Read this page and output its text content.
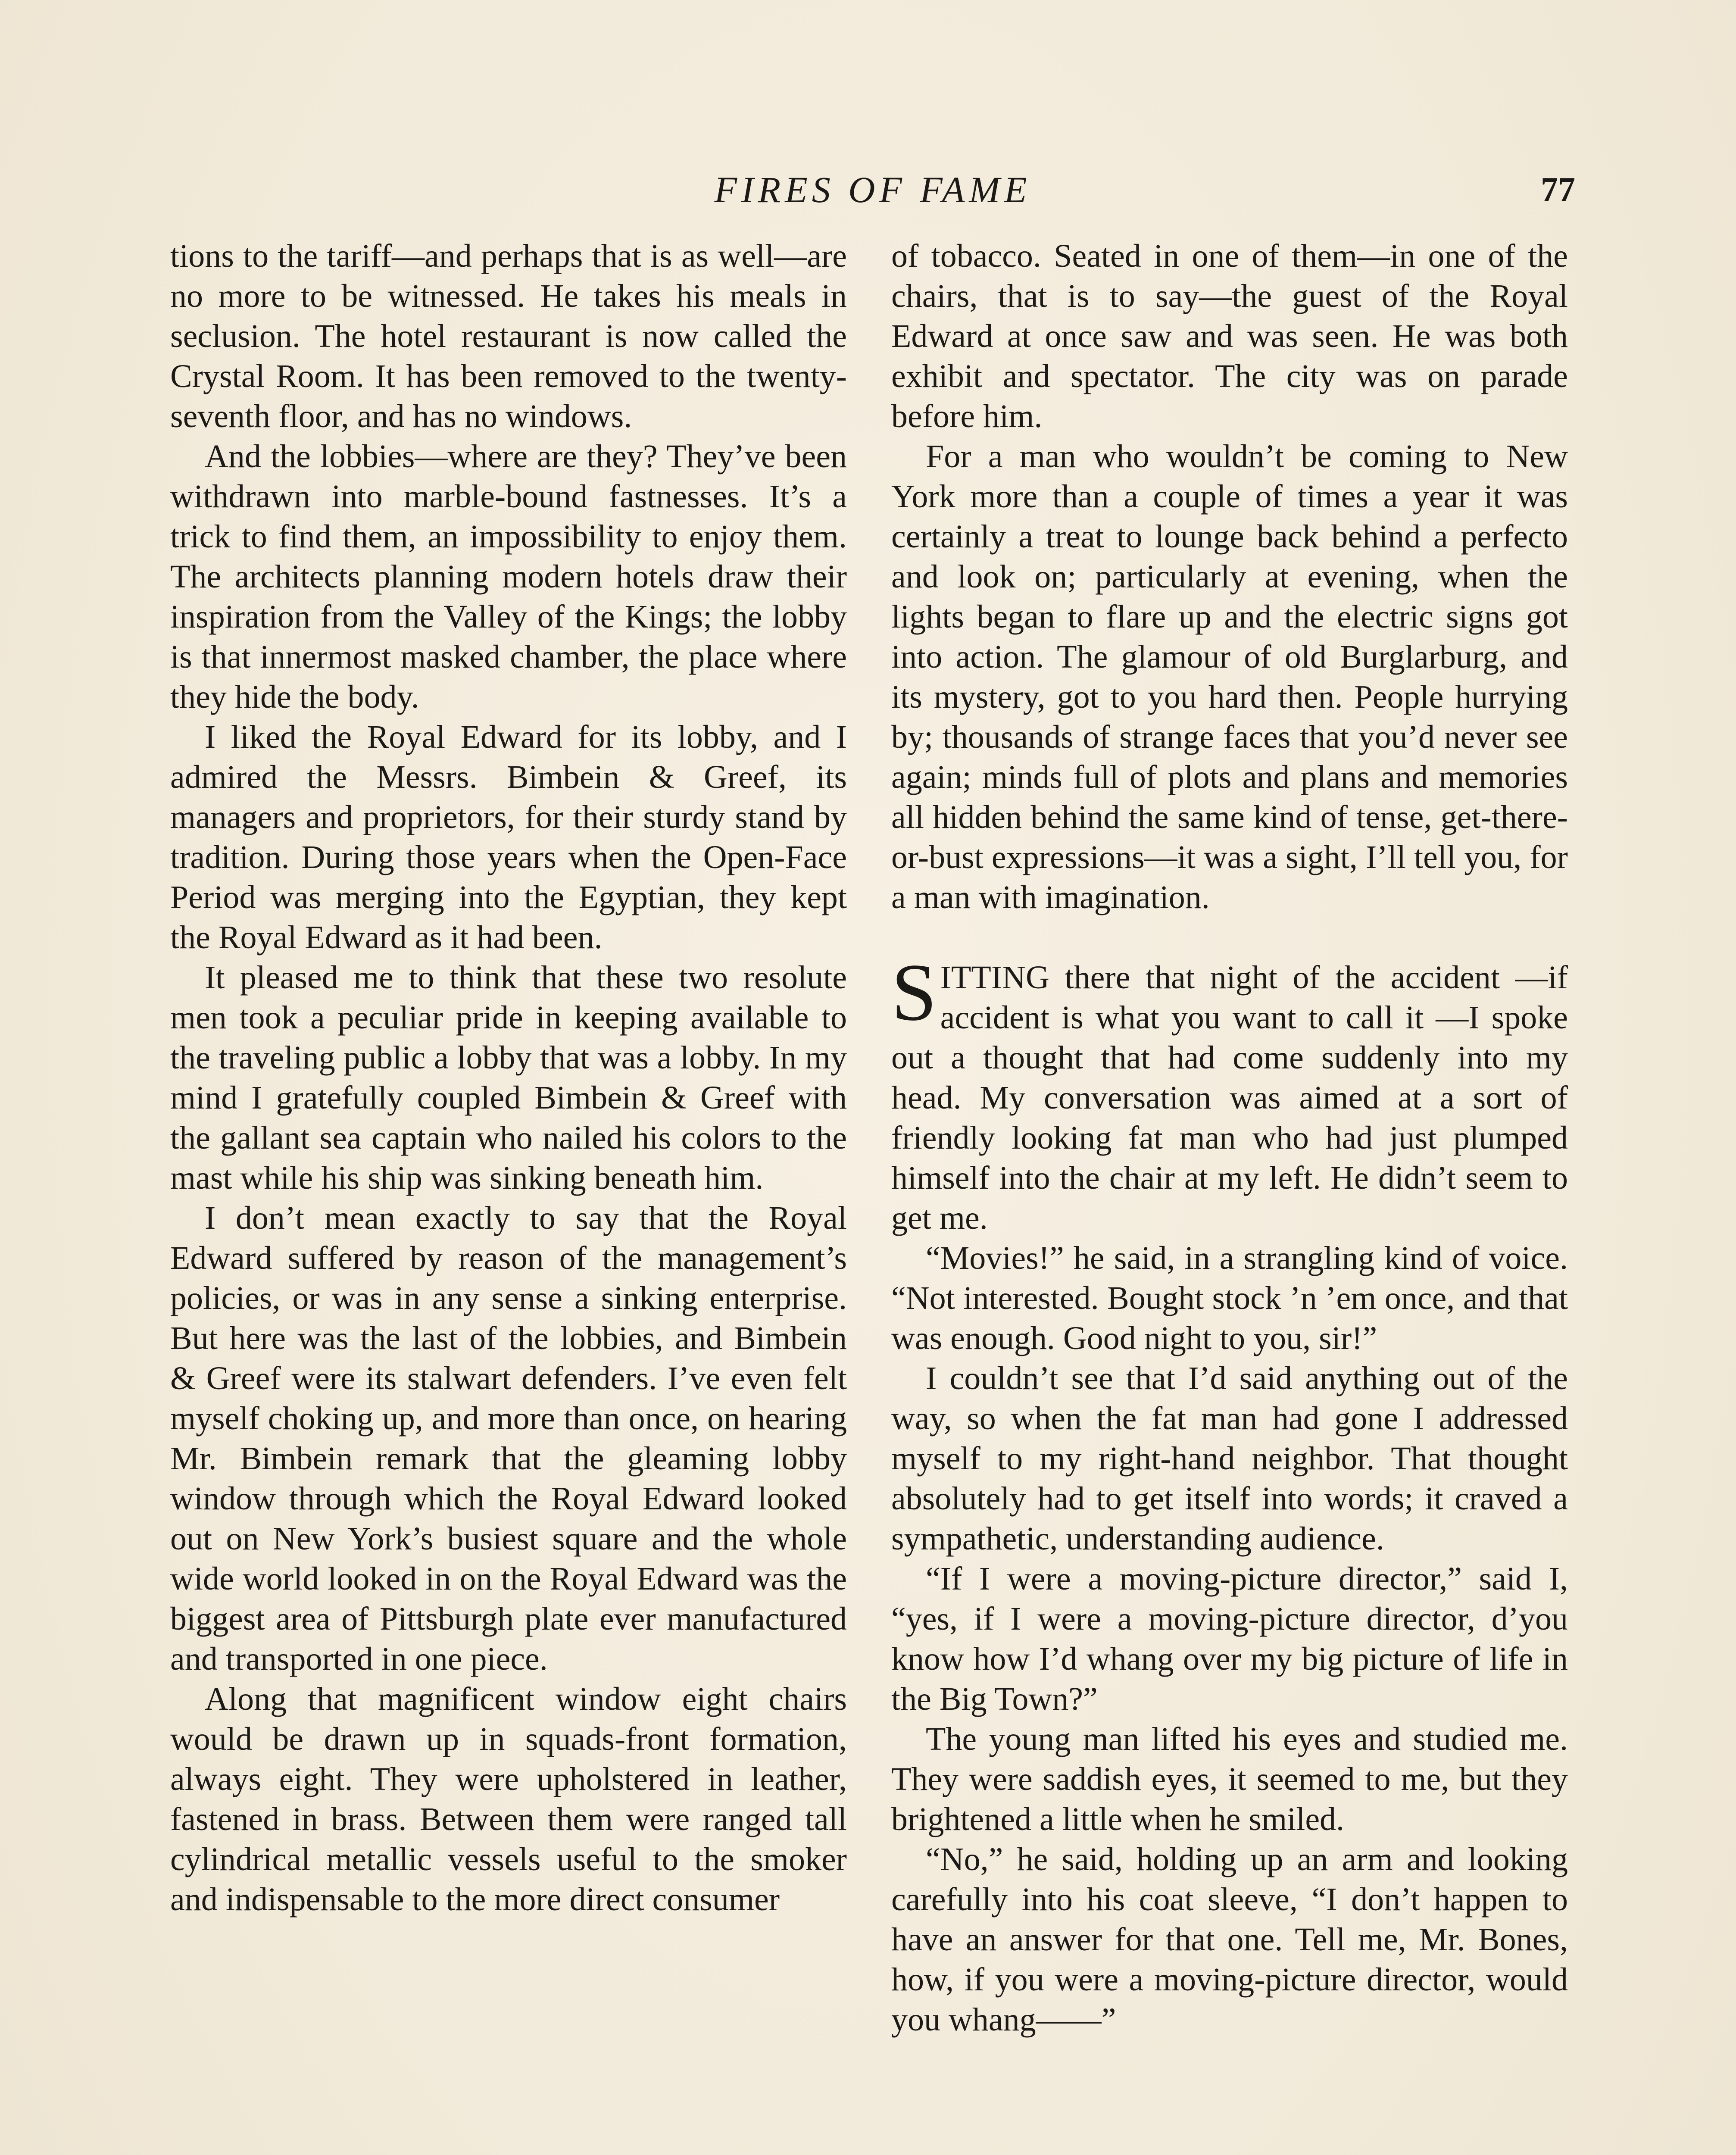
FIRES OF FAME	77

tions to the tariff—and perhaps that is as well—are no more to be witnessed. He takes his meals in seclusion. The hotel restaurant is now called the Crystal Room. It has been removed to the twenty-seventh floor, and has no windows.

And the lobbies—where are they? They’ve been withdrawn into marble-bound fastnesses. It’s a trick to find them, an impossibility to enjoy them. The architects planning modern hotels draw their inspiration from the Valley of the Kings; the lobby is that innermost masked chamber, the place where they hide the body.

I liked the Royal Edward for its lobby, and I admired the Messrs. Bimbein & Greef, its managers and proprietors, for their sturdy stand by tradition. During those years when the Open-Face Period was merging into the Egyptian, they kept the Royal Edward as it had been.

It pleased me to think that these two resolute men took a peculiar pride in keeping available to the traveling public a lobby that was a lobby. In my mind I gratefully coupled Bimbein & Greef with the gallant sea captain who nailed his colors to the mast while his ship was sinking beneath him.

I don’t mean exactly to say that the Royal Edward suffered by reason of the management’s policies, or was in any sense a sinking enterprise. But here was the last of the lobbies, and Bimbein & Greef were its stalwart defenders. I’ve even felt myself choking up, and more than once, on hearing Mr. Bimbein remark that the gleaming lobby window through which the Royal Edward looked out on New York’s busiest square and the whole wide world looked in on the Royal Edward was the biggest area of Pittsburgh plate ever manufactured and transported in one piece.

Along that magnificent window eight chairs would be drawn up in squads-front formation, always eight. They were upholstered in leather, fastened in brass. Between them were ranged tall cylindrical metallic vessels useful to the smoker and indispensable to the more direct consumer

of tobacco. Seated in one of them—in one of the chairs, that is to say—the guest of the Royal Edward at once saw and was seen. He was both exhibit and spectator. The city was on parade before him.

For a man who wouldn’t be coming to New York more than a couple of times a year it was certainly a treat to lounge back behind a perfecto and look on; particularly at evening, when the lights began to flare up and the electric signs got into action. The glamour of old Burglarburg, and its mystery, got to you hard then. People hurrying by; thousands of strange faces that you’d never see again; minds full of plots and plans and memories all hidden behind the same kind of tense, get-there-or-bust expressions—it was a sight, I’ll tell you, for a man with imagination.

SITTING there that night of the accident —if accident is what you want to call it —I spoke out a thought that had come suddenly into my head. My conversation was aimed at a sort of friendly looking fat man who had just plumped himself into the chair at my left. He didn’t seem to get me.

“Movies!” he said, in a strangling kind of voice. “Not interested. Bought stock ’n ’em once, and that was enough. Good night to you, sir!”

I couldn’t see that I’d said anything out of the way, so when the fat man had gone I addressed myself to my right-hand neighbor. That thought absolutely had to get itself into words; it craved a sympathetic, understanding audience.

“If I were a moving-picture director,” said I, “yes, if I were a moving-picture director, d’you know how I’d whang over my big picture of life in the Big Town?”

The young man lifted his eyes and studied me. They were saddish eyes, it seemed to me, but they brightened a little when he smiled.

“No,” he said, holding up an arm and looking carefully into his coat sleeve, “I don’t happen to have an answer for that one. Tell me, Mr. Bones, how, if you were a moving-picture director, would you whang——”
